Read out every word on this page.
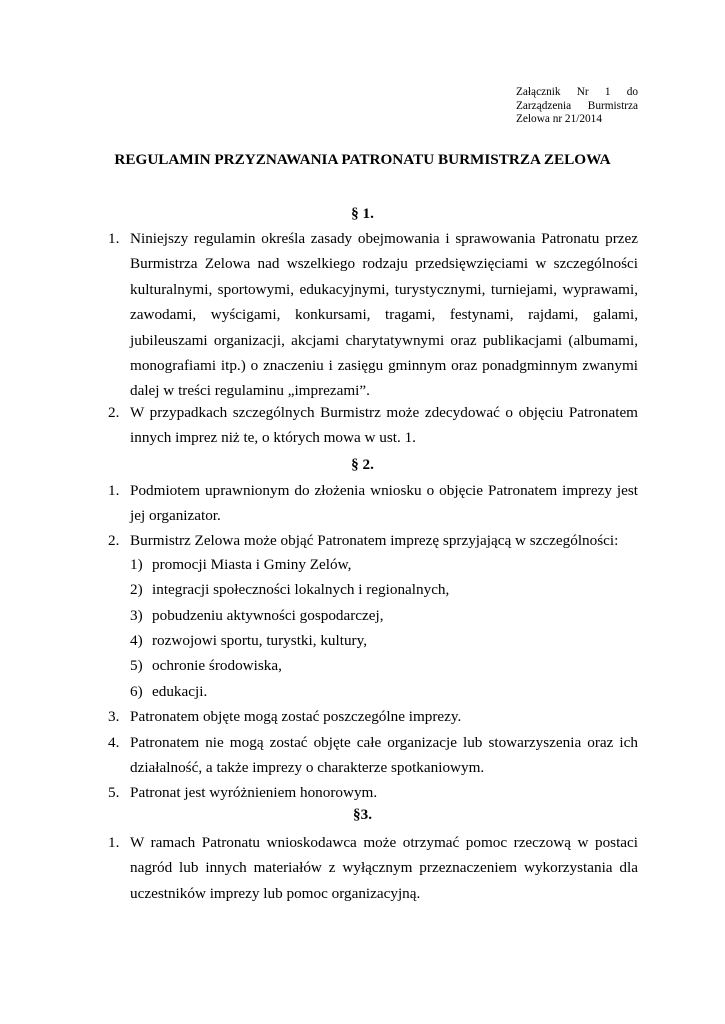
Załącznik Nr 1 do
Zarządzenia Burmistrza
Zelowa nr 21/2014
REGULAMIN PRZYZNAWANIA PATRONATU BURMISTRZA ZELOWA
§ 1.
1. Niniejszy regulamin określa zasady obejmowania i sprawowania Patronatu przez Burmistrza Zelowa nad wszelkiego rodzaju przedsięwzięciami w szczególności kulturalnymi, sportowymi, edukacyjnymi, turystycznymi, turniejami, wyprawami, zawodami, wyścigami, konkursami, tragami, festynami, rajdami, galami, jubileuszami organizacji, akcjami charytatywnymi oraz publikacjami (albumami, monografiami itp.) o znaczeniu i zasięgu gminnym oraz ponadgminnym zwanymi dalej w treści regulaminu „imprezami”.
2. W przypadkach szczególnych Burmistrz może zdecydować o objęciu Patronatem innych imprez niż te, o których mowa w ust. 1.
§ 2.
1. Podmiotem uprawnionym do złożenia wniosku o objęcie Patronatem imprezy jest jej organizator.
2. Burmistrz Zelowa może objąć Patronatem imprezę sprzyjającą w szczególności:
1) promocji Miasta i Gminy Zelów,
2) integracji społeczności lokalnych i regionalnych,
3) pobudzeniu aktywności gospodarczej,
4) rozwojowi sportu, turystki, kultury,
5) ochronie środowiska,
6) edukacji.
3. Patronatem objęte mogą zostać poszczególne imprezy.
4. Patronatem nie mogą zostać objęte całe organizacje lub stowarzyszenia oraz ich działalność, a także imprezy o charakterze spotkaniowym.
5. Patronat jest wyróżnieniem honorowym.
§3.
1. W ramach Patronatu wnioskodawca może otrzymać pomoc rzeczową w postaci nagród lub innych materiałów z wyłącznym przeznaczeniem wykorzystania dla uczestników imprezy lub pomoc organizacyjną.
